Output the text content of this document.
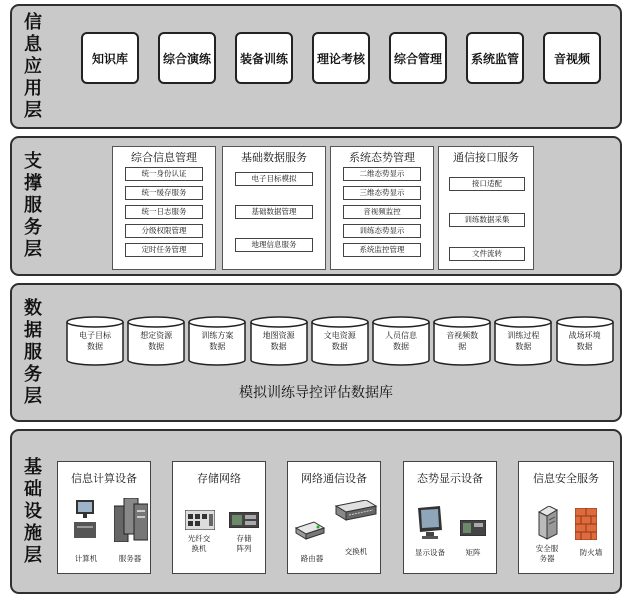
信
息
应
用
层
知识库	综合演练	装备训练	理论考核	综合管理	系统监管	音视频
支
撑
服
务
层
综合信息管理
统一身份认证
统一缓存服务
统一日志服务
分级权限管理
定时任务管理
基础数据服务
电子目标模拟
基础数据管理
地理信息服务
系统态势管理
二维态势显示
三维态势显示
音视频监控
训练态势显示
系统监控管理
通信接口服务
接口适配
训练数据采集
文件流转
数
据
服
务
层
电子目标
数据
想定资源
数据
训练方案
数据
地图资源
数据
文电资源
数据
人员信息
数据
音视频数
据
训练过程
数据
战场环境
数据
模拟训练导控评估数据库
基
础
设
施
层
信息计算设备
计算机	服务器
存储网络
光纤交
换机
存储
阵列
网络通信设备
路由器
交换机
态势显示设备
显示设备	矩阵
信息安全服务
安全服
务器
防火墙
